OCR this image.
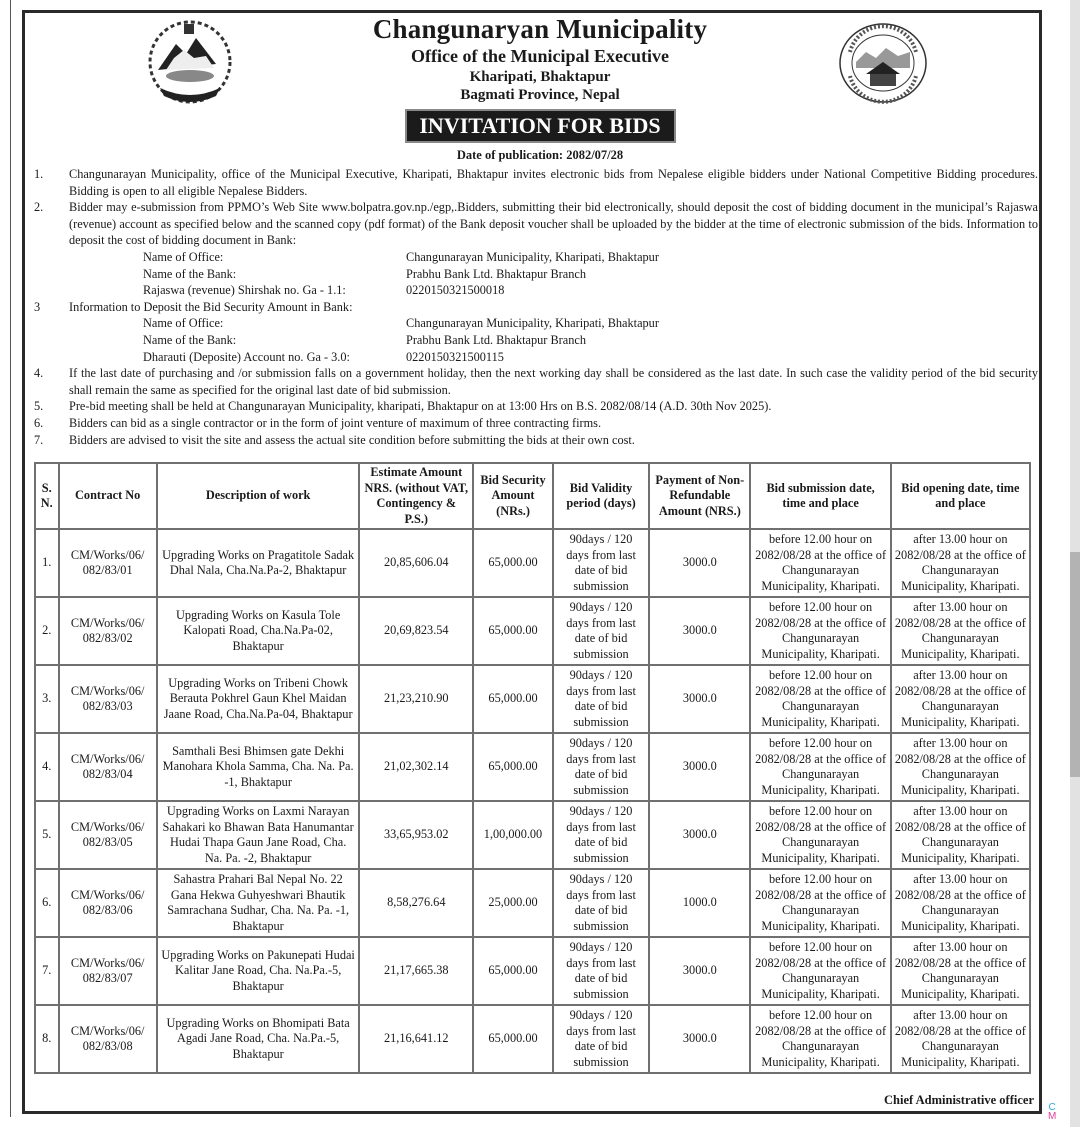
Changunaryan Municipality
Office of the Municipal Executive
Kharipati, Bhaktapur
Bagmati Province, Nepal
INVITATION FOR BIDS
Date of publication: 2082/07/28
1.	Changunarayan Municipality, office of the Municipal Executive, Kharipati, Bhaktapur invites electronic bids from Nepalese eligible bidders under National Competitive Bidding procedures. Bidding is open to all eligible Nepalese Bidders.
2.	Bidder may e-submission from PPMO’s Web Site www.bolpatra.gov.np./egp,.Bidders, submitting their bid electronically, should deposit the cost of bidding document in the municipal’s Rajaswa (revenue) account as specified below and the scanned copy (pdf format) of the Bank deposit voucher shall be uploaded by the bidder at the time of electronic submission of the bids. Information to deposit the cost of bidding document in Bank:
Name of Office:	Changunarayan Municipality, Kharipati, Bhaktapur
Name of the Bank:	Prabhu Bank Ltd. Bhaktapur Branch
Rajaswa (revenue) Shirshak no. Ga - 1.1:	0220150321500018
3	Information to Deposit the Bid Security Amount in Bank:
Name of Office:	Changunarayan Municipality, Kharipati, Bhaktapur
Name of the Bank:	Prabhu Bank Ltd. Bhaktapur Branch
Dharauti (Deposite) Account no. Ga - 3.0:	0220150321500115
4.	If the last date of purchasing and /or submission falls on a government holiday, then the next working day shall be considered as the last date. In such case the validity period of the bid security shall remain the same as specified for the original last date of bid submission.
5.	Pre-bid meeting shall be held at Changunarayan Municipality, kharipati, Bhaktapur on at 13:00 Hrs on B.S. 2082/08/14 (A.D. 30th Nov 2025).
6.	Bidders can bid as a single contractor or in the form of joint venture of maximum of three contracting firms.
7.	Bidders are advised to visit the site and assess the actual site condition before submitting the bids at their own cost.
S. N.	Contract No	Description of work	Estimate Amount NRS. (without VAT, Contingency & P.S.)	Bid Security Amount (NRs.)	Bid Validity period (days)	Payment of Non-Refundable Amount (NRS.)	Bid submission date, time and place	Bid opening date, time and place
1.	CM/Works/06/ 082/83/01	Upgrading Works on Pragatitole Sadak Dhal Nala, Cha.Na.Pa-2, Bhaktapur	20,85,606.04	65,000.00	90days / 120 days from last date of bid submission	3000.0	before 12.00 hour on 2082/08/28 at the office of Changunarayan Municipality, Kharipati.	after 13.00 hour on 2082/08/28 at the office of Changunarayan Municipality, Kharipati.
2.	CM/Works/06/ 082/83/02	Upgrading Works on Kasula Tole Kalopati Road, Cha.Na.Pa-02, Bhaktapur	20,69,823.54	65,000.00	90days / 120 days from last date of bid submission	3000.0	before 12.00 hour on 2082/08/28 at the office of Changunarayan Municipality, Kharipati.	after 13.00 hour on 2082/08/28 at the office of Changunarayan Municipality, Kharipati.
3.	CM/Works/06/ 082/83/03	Upgrading Works on Tribeni Chowk Berauta Pokhrel Gaun Khel Maidan Jaane Road, Cha.Na.Pa-04, Bhaktapur	21,23,210.90	65,000.00	90days / 120 days from last date of bid submission	3000.0	before 12.00 hour on 2082/08/28 at the office of Changunarayan Municipality, Kharipati.	after 13.00 hour on 2082/08/28 at the office of Changunarayan Municipality, Kharipati.
4.	CM/Works/06/ 082/83/04	Samthali Besi Bhimsen gate Dekhi Manohara Khola Samma, Cha. Na. Pa. -1, Bhaktapur	21,02,302.14	65,000.00	90days / 120 days from last date of bid submission	3000.0	before 12.00 hour on 2082/08/28 at the office of Changunarayan Municipality, Kharipati.	after 13.00 hour on 2082/08/28 at the office of Changunarayan Municipality, Kharipati.
5.	CM/Works/06/ 082/83/05	Upgrading Works on Laxmi Narayan Sahakari ko Bhawan Bata Hanumantar Hudai Thapa Gaun Jane Road, Cha. Na. Pa. -2, Bhaktapur	33,65,953.02	1,00,000.00	90days / 120 days from last date of bid submission	3000.0	before 12.00 hour on 2082/08/28 at the office of Changunarayan Municipality, Kharipati.	after 13.00 hour on 2082/08/28 at the office of Changunarayan Municipality, Kharipati.
6.	CM/Works/06/ 082/83/06	Sahastra Prahari Bal Nepal No. 22 Gana Hekwa Guhyeshwari Bhautik Samrachana Sudhar, Cha. Na. Pa. -1, Bhaktapur	8,58,276.64	25,000.00	90days / 120 days from last date of bid submission	1000.0	before 12.00 hour on 2082/08/28 at the office of Changunarayan Municipality, Kharipati.	after 13.00 hour on 2082/08/28 at the office of Changunarayan Municipality, Kharipati.
7.	CM/Works/06/ 082/83/07	Upgrading Works on Pakunepati Hudai Kalitar Jane Road, Cha. Na.Pa.-5, Bhaktapur	21,17,665.38	65,000.00	90days / 120 days from last date of bid submission	3000.0	before 12.00 hour on 2082/08/28 at the office of Changunarayan Municipality, Kharipati.	after 13.00 hour on 2082/08/28 at the office of Changunarayan Municipality, Kharipati.
8.	CM/Works/06/ 082/83/08	Upgrading Works on Bhomipati Bata Agadi Jane Road, Cha. Na.Pa.-5, Bhaktapur	21,16,641.12	65,000.00	90days / 120 days from last date of bid submission	3000.0	before 12.00 hour on 2082/08/28 at the office of Changunarayan Municipality, Kharipati.	after 13.00 hour on 2082/08/28 at the office of Changunarayan Municipality, Kharipati.
Chief Administrative officer
C
M
